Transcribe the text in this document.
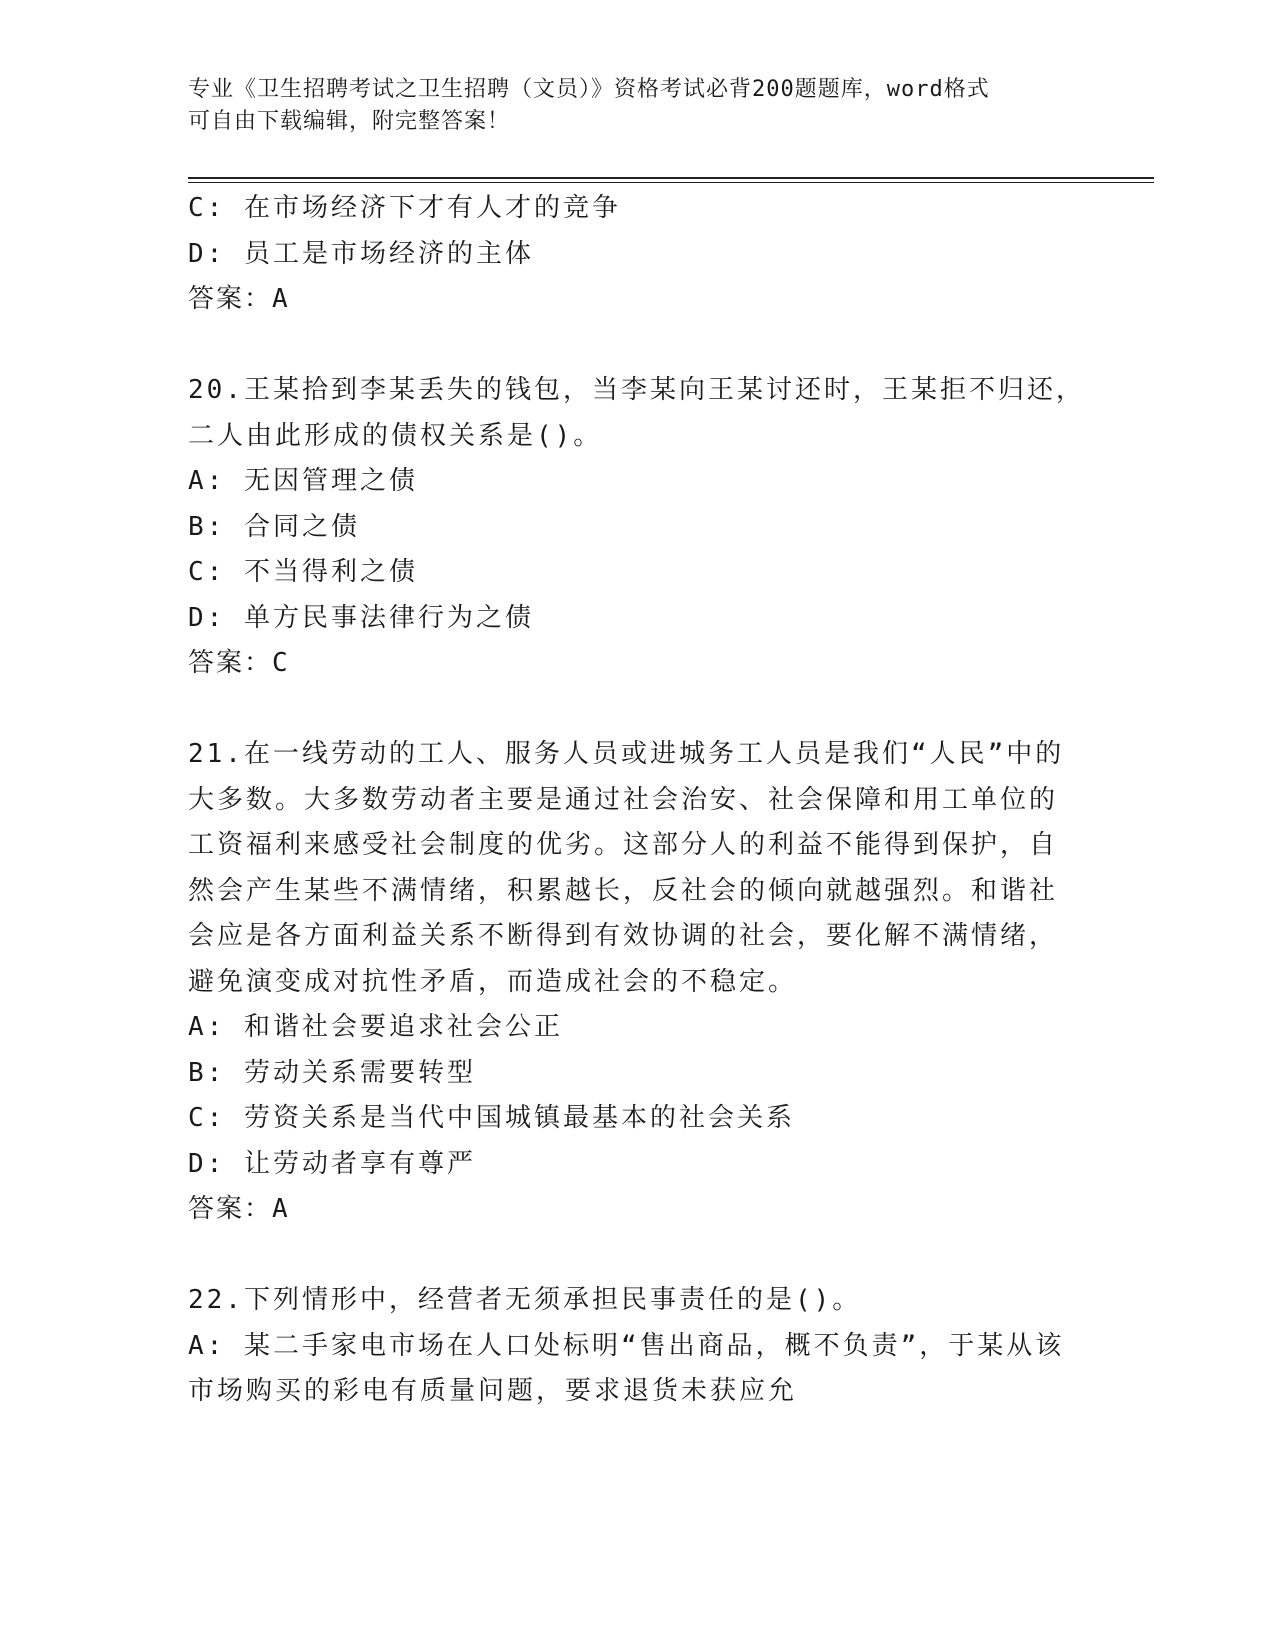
专业《卫生招聘考试之卫生招聘（文员）》资格考试必背200题题库，word格式
可自由下载编辑，附完整答案！
C: 在市场经济下才有人才的竞争
D: 员工是市场经济的主体
答案：A
20.王某拾到李某丢失的钱包，当李某向王某讨还时，王某拒不归还，
二人由此形成的债权关系是()。
A: 无因管理之债
B: 合同之债
C: 不当得利之债
D: 单方民事法律行为之债
答案：C
21.在一线劳动的工人、服务人员或进城务工人员是我们“人民”中的
大多数。大多数劳动者主要是通过社会治安、社会保障和用工单位的
工资福利来感受社会制度的优劣。这部分人的利益不能得到保护，自
然会产生某些不满情绪，积累越长，反社会的倾向就越强烈。和谐社
会应是各方面利益关系不断得到有效协调的社会，要化解不满情绪，
避免演变成对抗性矛盾，而造成社会的不稳定。
A: 和谐社会要追求社会公正
B: 劳动关系需要转型
C: 劳资关系是当代中国城镇最基本的社会关系
D: 让劳动者享有尊严
答案：A
22.下列情形中，经营者无须承担民事责任的是()。
A: 某二手家电市场在人口处标明“售出商品，概不负责”，于某从该
市场购买的彩电有质量问题，要求退货未获应允
